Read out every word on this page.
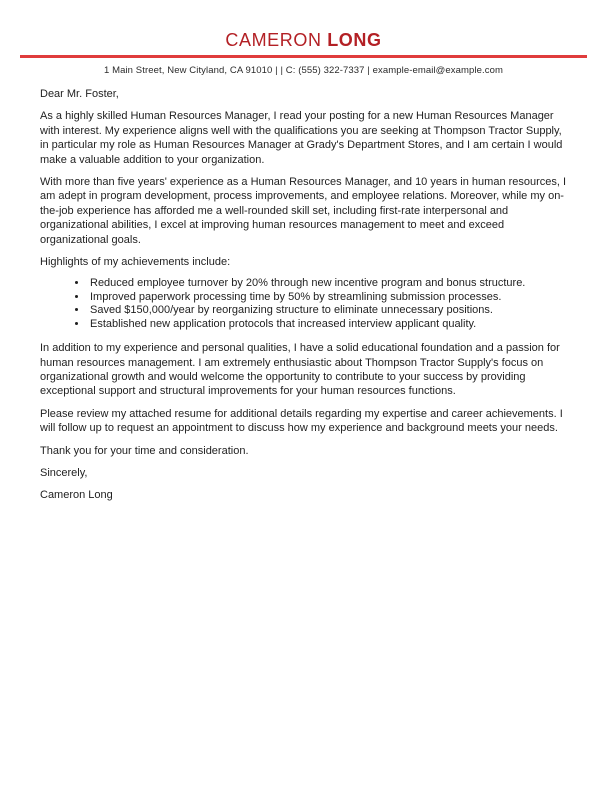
CAMERON LONG
1 Main Street, New Cityland, CA 91010 | | C: (555) 322-7337 | example-email@example.com

Dear Mr. Foster,

As a highly skilled Human Resources Manager, I read your posting for a new Human Resources Manager with interest. My experience aligns well with the qualifications you are seeking at Thompson Tractor Supply, in particular my role as Human Resources Manager at Grady's Department Stores, and I am certain I would make a valuable addition to your organization.

With more than five years' experience as a Human Resources Manager, and 10 years in human resources, I am adept in program development, process improvements, and employee relations. Moreover, while my on-the-job experience has afforded me a well-rounded skill set, including first-rate interpersonal and organizational abilities, I excel at improving human resources management to meet and exceed organizational goals.

Highlights of my achievements include:

• Reduced employee turnover by 20% through new incentive program and bonus structure.
• Improved paperwork processing time by 50% by streamlining submission processes.
• Saved $150,000/year by reorganizing structure to eliminate unnecessary positions.
• Established new application protocols that increased interview applicant quality.

In addition to my experience and personal qualities, I have a solid educational foundation and a passion for human resources management. I am extremely enthusiastic about Thompson Tractor Supply's focus on organizational growth and would welcome the opportunity to contribute to your success by providing exceptional support and structural improvements for your human resources functions.

Please review my attached resume for additional details regarding my expertise and career achievements. I will follow up to request an appointment to discuss how my experience and background meets your needs.

Thank you for your time and consideration.

Sincerely,

Cameron Long
